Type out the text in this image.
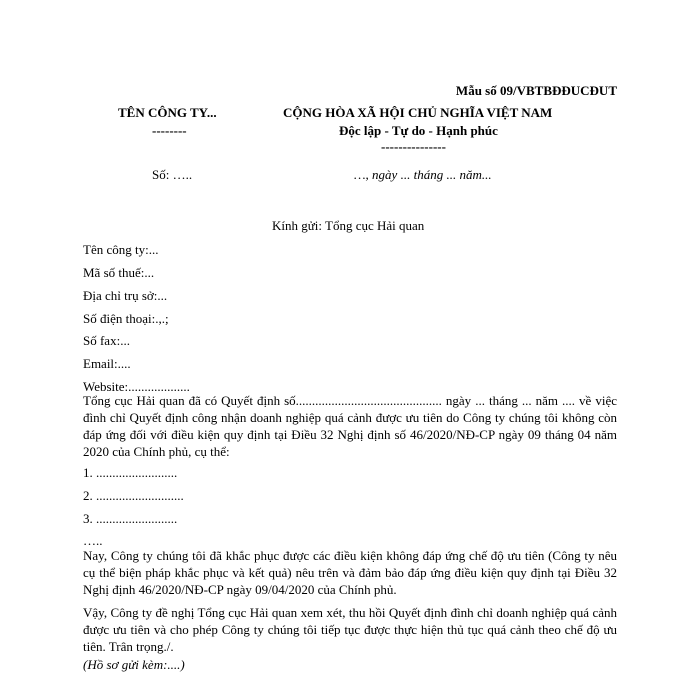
Mẫu số 09/VBTBĐĐUCĐUT
TÊN CÔNG TY...
--------
CỘNG HÒA XÃ HỘI CHỦ NGHĨA VIỆT NAM
Độc lập - Tự do - Hạnh phúc
---------------
Số: …..	…, ngày ... tháng ... năm...
Kính gửi: Tổng cục Hải quan
Tên công ty:...
Mã số thuế:...
Địa chỉ trụ sở:...
Số điện thoại:.,.;
Số fax:...
Email:....
Website:...................
Tổng cục Hải quan đã có Quyết định số............................................. ngày ... tháng ... năm .... về việc đình chỉ Quyết định công nhận doanh nghiệp quá cảnh được ưu tiên do Công ty chúng tôi không còn đáp ứng đối với điều kiện quy định tại Điều 32 Nghị định số 46/2020/NĐ-CP ngày 09 tháng 04 năm 2020 của Chính phủ, cụ thể:
1. .........................
2. ...........................
3. .........................
…..
Nay, Công ty chúng tôi đã khắc phục được các điều kiện không đáp ứng chế độ ưu tiên (Công ty nêu cụ thể biện pháp khắc phục và kết quả) nêu trên và đảm bảo đáp ứng điều kiện quy định tại Điều 32 Nghị định 46/2020/NĐ-CP ngày 09/04/2020 của Chính phủ.
Vậy, Công ty đề nghị Tổng cục Hải quan xem xét, thu hồi Quyết định đình chỉ doanh nghiệp quá cảnh được ưu tiên và cho phép Công ty chúng tôi tiếp tục được thực hiện thủ tục quá cảnh theo chế độ ưu tiên. Trân trọng./.
(Hồ sơ gửi kèm:....)
